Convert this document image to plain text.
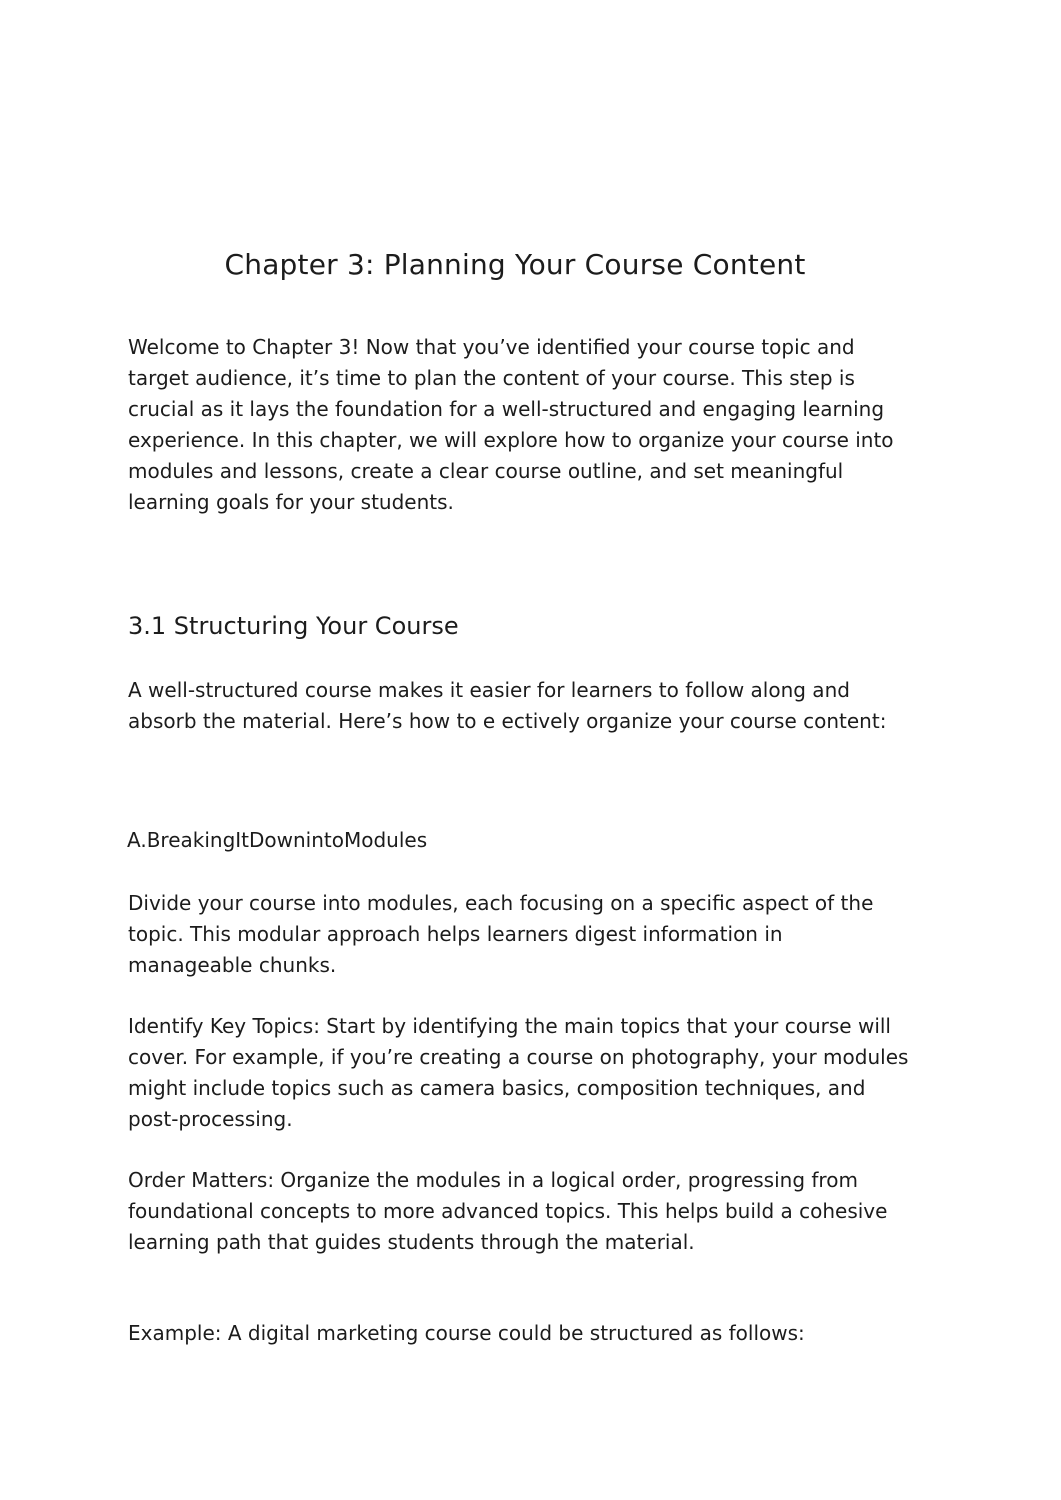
Chapter 3: Planning Your Course Content

Welcome to Chapter 3! Now that you’ve identified your course topic and
target audience, it’s time to plan the content of your course. This step is
crucial as it lays the foundation for a well-structured and engaging learning
experience. In this chapter, we will explore how to organize your course into
modules and lessons, create a clear course outline, and set meaningful
learning goals for your students.

3.1 Structuring Your Course

A well-structured course makes it easier for learners to follow along and
absorb the material. Here’s how to e ectively organize your course content:

A.BreakingItDownintoModules

Divide your course into modules, each focusing on a specific aspect of the
topic. This modular approach helps learners digest information in
manageable chunks.

Identify Key Topics: Start by identifying the main topics that your course will
cover. For example, if you’re creating a course on photography, your modules
might include topics such as camera basics, composition techniques, and
post-processing.

Order Matters: Organize the modules in a logical order, progressing from
foundational concepts to more advanced topics. This helps build a cohesive
learning path that guides students through the material.

Example: A digital marketing course could be structured as follows:
